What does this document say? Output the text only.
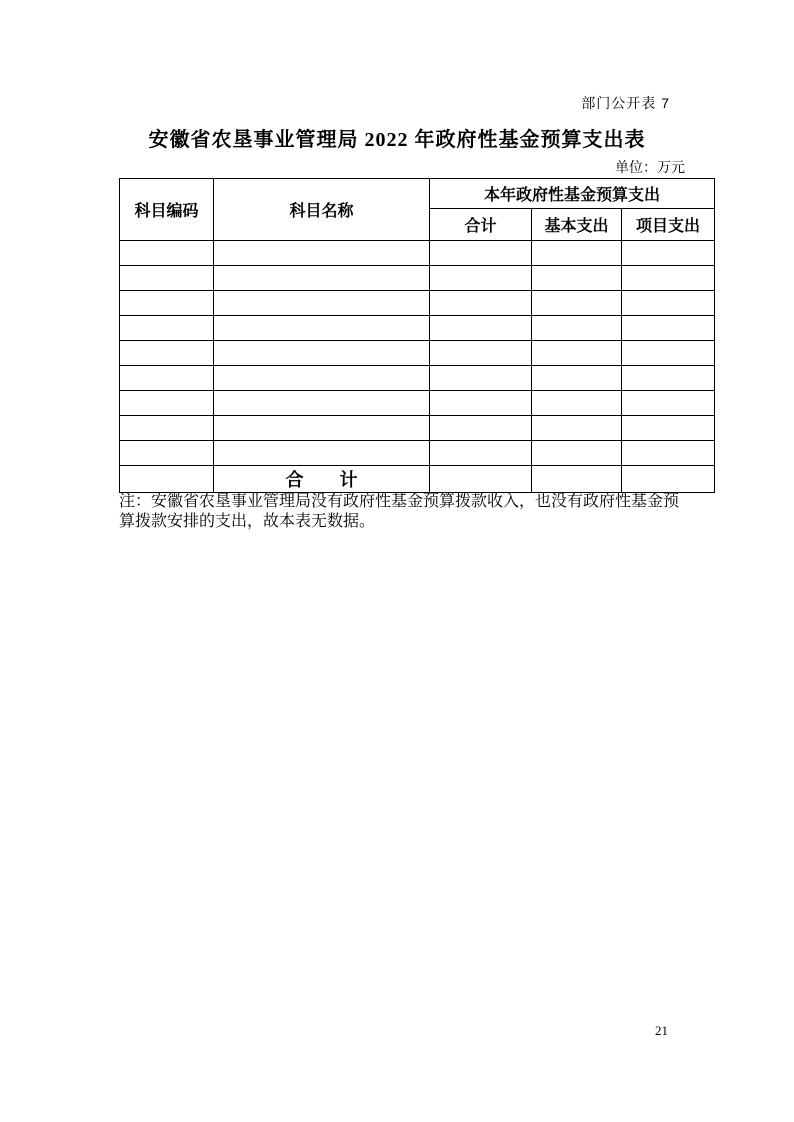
部门公开表 7
安徽省农垦事业管理局 2022 年政府性基金预算支出表
单位：万元
科目编码	科目名称	本年政府性基金预算支出		
		合计	基本支出	项目支出

	合　　计			
注：安徽省农垦事业管理局没有政府性基金预算拨款收入，也没有政府性基金预
算拨款安排的支出，故本表无数据。
21
